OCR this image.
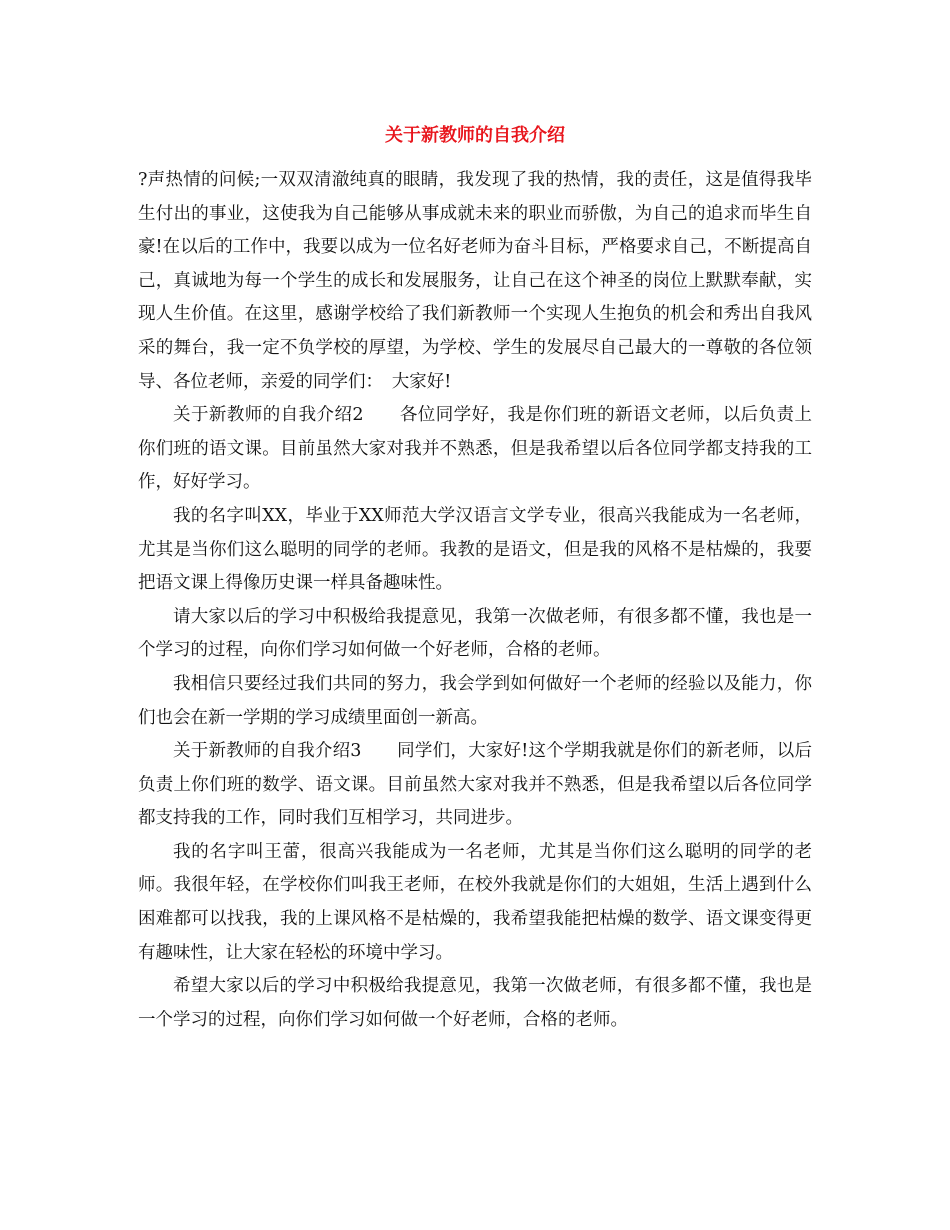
关于新教师的自我介绍

?声热情的问候;一双双清澈纯真的眼睛，我发现了我的热情，我的责任，这是值得我毕生付出的事业，这使我为自己能够从事成就未来的职业而骄傲，为自己的追求而毕生自豪!在以后的工作中，我要以成为一位名好老师为奋斗目标，严格要求自己，不断提高自己，真诚地为每一个学生的成长和发展服务，让自己在这个神圣的岗位上默默奉献，实现人生价值。在这里，感谢学校给了我们新教师一个实现人生抱负的机会和秀出自我风采的舞台，我一定不负学校的厚望，为学校、学生的发展尽自己最大的一尊敬的各位领导、各位老师，亲爱的同学们：　大家好!

关于新教师的自我介绍2　　各位同学好，我是你们班的新语文老师，以后负责上你们班的语文课。目前虽然大家对我并不熟悉，但是我希望以后各位同学都支持我的工作，好好学习。

我的名字叫XX，毕业于XX师范大学汉语言文学专业，很高兴我能成为一名老师，尤其是当你们这么聪明的同学的老师。我教的是语文，但是我的风格不是枯燥的，我要把语文课上得像历史课一样具备趣味性。

请大家以后的学习中积极给我提意见，我第一次做老师，有很多都不懂，我也是一个学习的过程，向你们学习如何做一个好老师，合格的老师。

我相信只要经过我们共同的努力，我会学到如何做好一个老师的经验以及能力，你们也会在新一学期的学习成绩里面创一新高。

关于新教师的自我介绍3　　同学们，大家好!这个学期我就是你们的新老师，以后负责上你们班的数学、语文课。目前虽然大家对我并不熟悉，但是我希望以后各位同学都支持我的工作，同时我们互相学习，共同进步。

我的名字叫王蕾，很高兴我能成为一名老师，尤其是当你们这么聪明的同学的老师。我很年轻，在学校你们叫我王老师，在校外我就是你们的大姐姐，生活上遇到什么困难都可以找我，我的上课风格不是枯燥的，我希望我能把枯燥的数学、语文课变得更有趣味性，让大家在轻松的环境中学习。

希望大家以后的学习中积极给我提意见，我第一次做老师，有很多都不懂，我也是一个学习的过程，向你们学习如何做一个好老师，合格的老师。
